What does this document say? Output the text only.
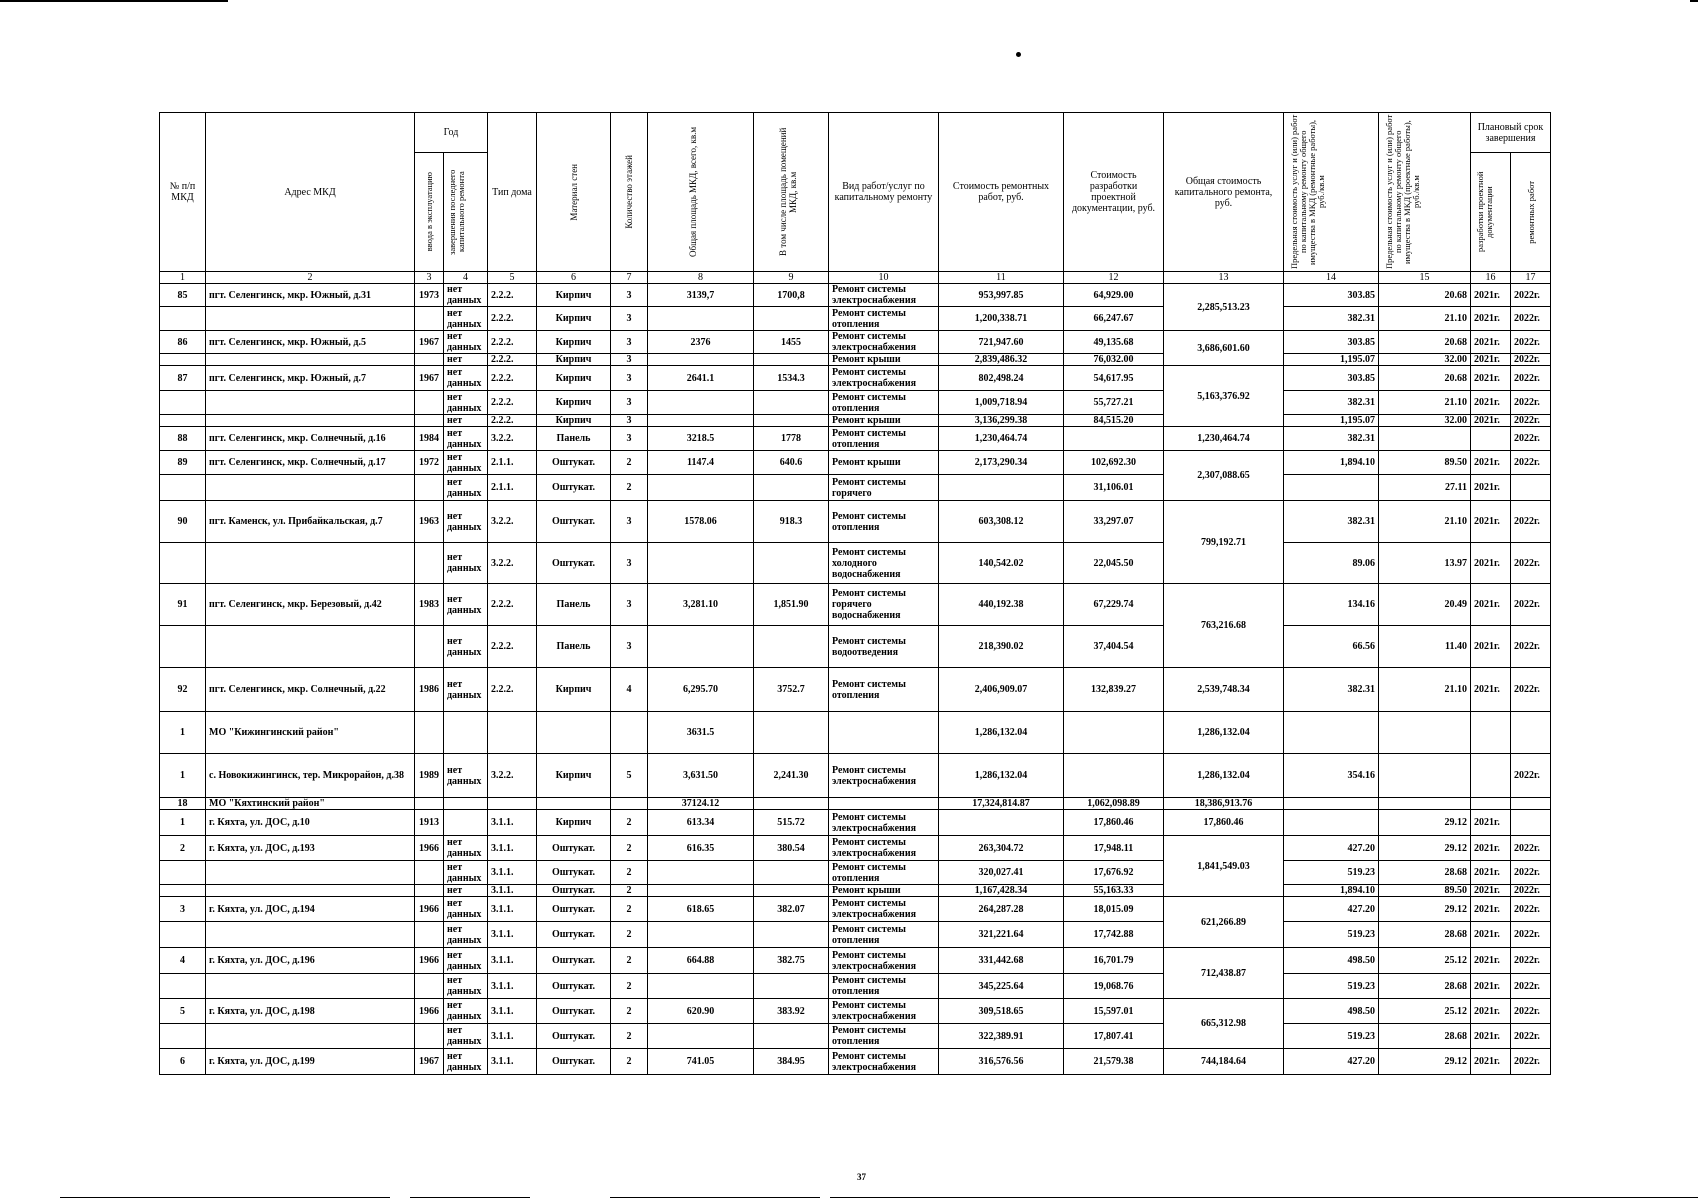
№ п/п МКД	Адрес МКД	Год		Тип дома	Материал стен	Количество этажей	Общая площадь МКД, всего, кв.м	В том числе площадь помещений МКД, кв.м	Вид работ/услуг по капитальному ремонту	Стоимость ремонтных работ, руб.	Стоимость разработки проектной документации, руб.	Общая стоимость капитального ремонта, руб.	Предельная стоимость услуг и (или) работ по капитальному ремонту общего имущества в МКД (ремонтные работы), руб./кв.м	Предельная стоимость услуг и (или) работ по капитальному ремонту общего имущества в МКД (проектные работы), руб./кв.м	Плановый срок завершения	

		ввода в эксплуатацию	завершения последнего капитального ремонта												разработки проектной документации	ремонтных работ

1	2	3	4	5	6	7	8	9	10	11	12	13	14	15	16	17
85	пгт. Селенгинск, мкр. Южный, д.31	1973	нет данных	2.2.2.	Кирпич	3	3139,7	1700,8	Ремонт системы электроснабжения	953,997.85	64,929.00	2,285,513.23	303.85	20.68	2021г.	2022г.
			нет данных	2.2.2.	Кирпич	3			Ремонт системы отопления	1,200,338.71	66,247.67		382.31	21.10	2021г.	2022г.
86	пгт. Селенгинск, мкр. Южный, д.5	1967	нет данных	2.2.2.	Кирпич	3	2376	1455	Ремонт системы электроснабжения	721,947.60	49,135.68	3,686,601.60	303.85	20.68	2021г.	2022г.
			нет	2.2.2.	Кирпич	3			Ремонт крыши	2,839,486.32	76,032.00		1,195.07	32.00	2021г.	2022г.
87	пгт. Селенгинск, мкр. Южный, д.7	1967	нет данных	2.2.2.	Кирпич	3	2641.1	1534.3	Ремонт системы электроснабжения	802,498.24	54,617.95	5,163,376.92	303.85	20.68	2021г.	2022г.
			нет данных	2.2.2.	Кирпич	3			Ремонт системы отопления	1,009,718.94	55,727.21		382.31	21.10	2021г.	2022г.
			нет	2.2.2.	Кирпич	3			Ремонт крыши	3,136,299.38	84,515.20		1,195.07	32.00	2021г.	2022г.
88	пгт. Селенгинск, мкр. Солнечный, д.16	1984	нет данных	3.2.2.	Панель	3	3218.5	1778	Ремонт системы отопления	1,230,464.74		1,230,464.74	382.31			2022г.
89	пгт. Селенгинск, мкр. Солнечный, д.17	1972	нет данных	2.1.1.	Оштукат.	2	1147.4	640.6	Ремонт крыши	2,173,290.34	102,692.30	2,307,088.65	1,894.10	89.50	2021г.	2022г.
			нет данных	2.1.1.	Оштукат.	2			Ремонт системы горячего		31,106.01			27.11	2021г.	
90	пгт. Каменск, ул. Прибайкальская, д.7	1963	нет данных	3.2.2.	Оштукат.	3	1578.06	918.3	Ремонт системы отопления	603,308.12	33,297.07	799,192.71	382.31	21.10	2021г.	2022г.
			нет данных	3.2.2.	Оштукат.	3			Ремонт системы холодного водоснабжения	140,542.02	22,045.50		89.06	13.97	2021г.	2022г.
91	пгт. Селенгинск, мкр. Березовый, д.42	1983	нет данных	2.2.2.	Панель	3	3,281.10	1,851.90	Ремонт системы горячего водоснабжения	440,192.38	67,229.74	763,216.68	134.16	20.49	2021г.	2022г.
			нет данных	2.2.2.	Панель	3			Ремонт системы водоотведения	218,390.02	37,404.54		66.56	11.40	2021г.	2022г.
92	пгт. Селенгинск, мкр. Солнечный, д.22	1986	нет данных	2.2.2.	Кирпич	4	6,295.70	3752.7	Ремонт системы отопления	2,406,909.07	132,839.27	2,539,748.34	382.31	21.10	2021г.	2022г.
1	МО "Кижингинский район"						3631.5			1,286,132.04		1,286,132.04				
1	с. Новокижингинск, тер. Микрорайон, д.38	1989	нет данных	3.2.2.	Кирпич	5	3,631.50	2,241.30	Ремонт системы электроснабжения	1,286,132.04		1,286,132.04	354.16			2022г.
18	МО "Кяхтинский район"						37124.12			17,324,814.87	1,062,098.89	18,386,913.76				
1	г. Кяхта, ул. ДОС, д.10	1913		3.1.1.	Кирпич	2	613.34	515.72	Ремонт системы электроснабжения		17,860.46	17,860.46		29.12	2021г.	
2	г. Кяхта, ул. ДОС, д.193	1966	нет данных	3.1.1.	Оштукат.	2	616.35	380.54	Ремонт системы электроснабжения	263,304.72	17,948.11	1,841,549.03	427.20	29.12	2021г.	2022г.
			нет данных	3.1.1.	Оштукат.	2			Ремонт системы отопления	320,027.41	17,676.92		519.23	28.68	2021г.	2022г.
			нет	3.1.1.	Оштукат.	2			Ремонт крыши	1,167,428.34	55,163.33		1,894.10	89.50	2021г.	2022г.
3	г. Кяхта, ул. ДОС, д.194	1966	нет данных	3.1.1.	Оштукат.	2	618.65	382.07	Ремонт системы электроснабжения	264,287.28	18,015.09	621,266.89	427.20	29.12	2021г.	2022г.
			нет данных	3.1.1.	Оштукат.	2			Ремонт системы отопления	321,221.64	17,742.88		519.23	28.68	2021г.	2022г.
4	г. Кяхта, ул. ДОС, д.196	1966	нет данных	3.1.1.	Оштукат.	2	664.88	382.75	Ремонт системы электроснабжения	331,442.68	16,701.79	712,438.87	498.50	25.12	2021г.	2022г.
			нет данных	3.1.1.	Оштукат.	2			Ремонт системы отопления	345,225.64	19,068.76		519.23	28.68	2021г.	2022г.
5	г. Кяхта, ул. ДОС, д.198	1966	нет данных	3.1.1.	Оштукат.	2	620.90	383.92	Ремонт системы электроснабжения	309,518.65	15,597.01	665,312.98	498.50	25.12	2021г.	2022г.
			нет данных	3.1.1.	Оштукат.	2			Ремонт системы отопления	322,389.91	17,807.41		519.23	28.68	2021г.	2022г.
6	г. Кяхта, ул. ДОС, д.199	1967	нет данных	3.1.1.	Оштукат.	2	741.05	384.95	Ремонт системы электроснабжения	316,576.56	21,579.38	744,184.64	427.20	29.12	2021г.	2022г.
37
